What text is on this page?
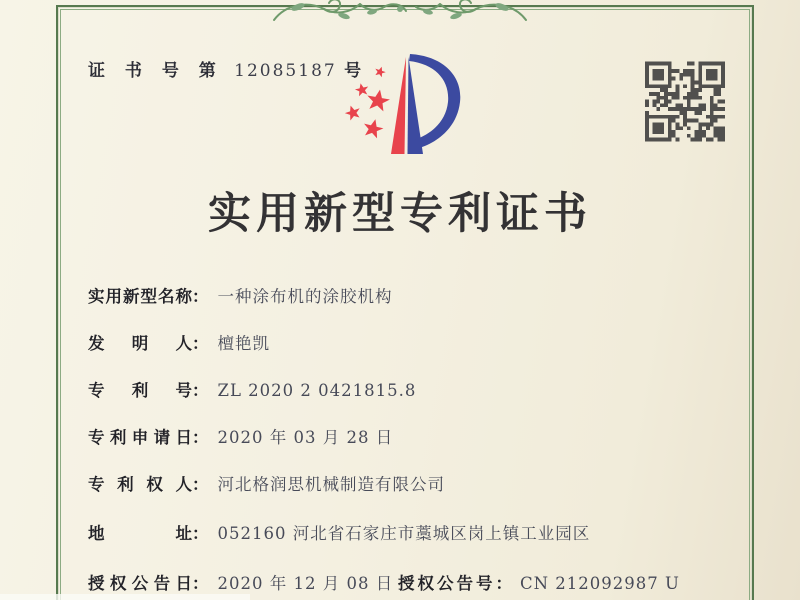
证 书 号 第 12085187 号
实用新型专利证书
实用新型名称： 一种涂布机的涂胶机构
发明人： 檀艳凯
专利号： ZL 2020 2 0421815.8
专利申请日： 2020 年 03 月 28 日
专利权人： 河北格润思机械制造有限公司
地址： 052160 河北省石家庄市藁城区岗上镇工业园区
授权公告日： 2020 年 12 月 08 日 授权公告号： CN 212092987 U
